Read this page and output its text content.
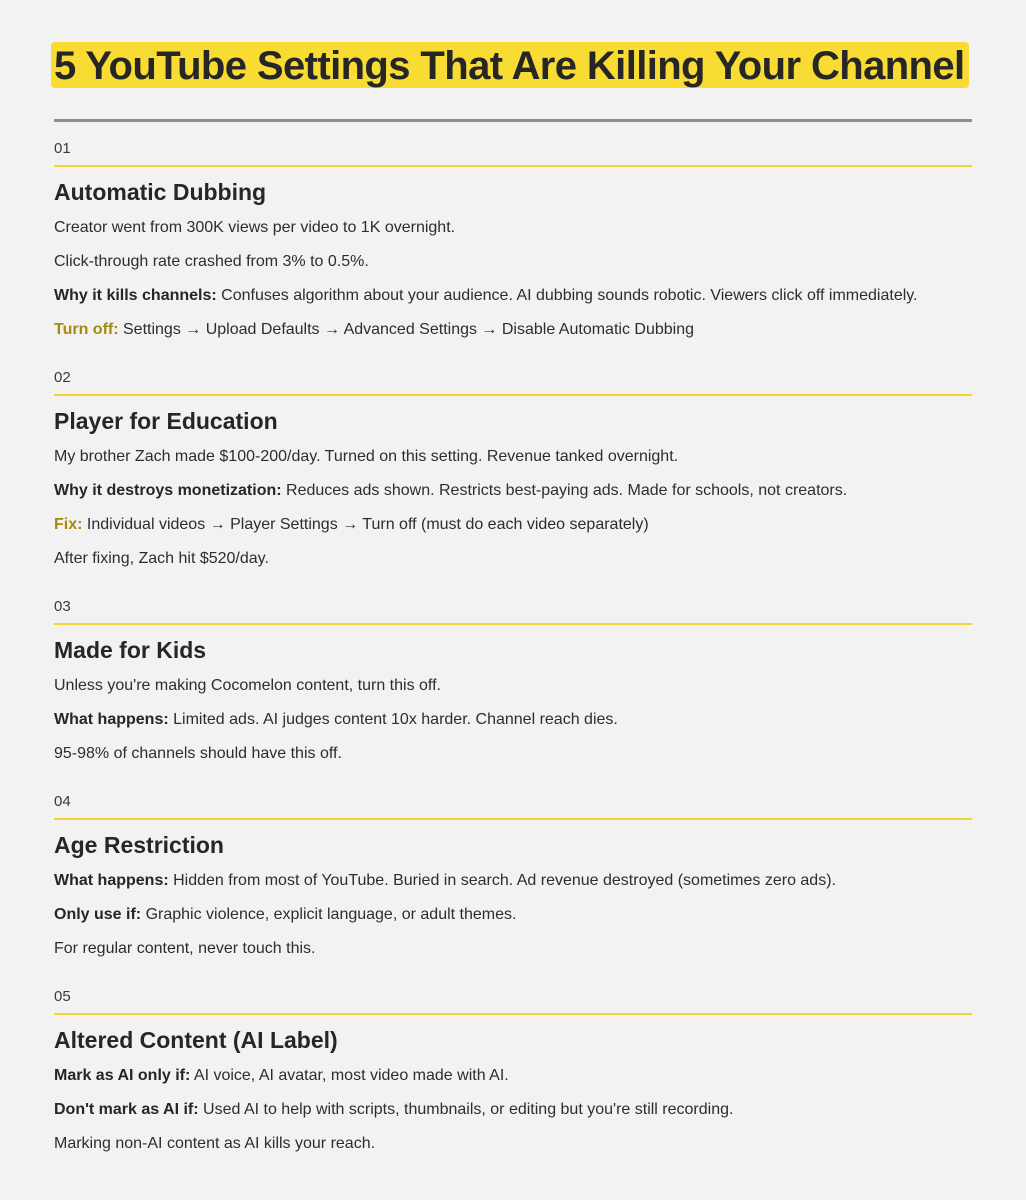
5 YouTube Settings That Are Killing Your Channel
01
Automatic Dubbing

Creator went from 300K views per video to 1K overnight.

Click-through rate crashed from 3% to 0.5%.

Why it kills channels: Confuses algorithm about your audience. AI dubbing sounds robotic. Viewers click off immediately.

Turn off: Settings → Upload Defaults → Advanced Settings → Disable Automatic Dubbing

02
Player for Education

My brother Zach made $100-200/day. Turned on this setting. Revenue tanked overnight.

Why it destroys monetization: Reduces ads shown. Restricts best-paying ads. Made for schools, not creators.

Fix: Individual videos → Player Settings → Turn off (must do each video separately)

After fixing, Zach hit $520/day.

03
Made for Kids

Unless you're making Cocomelon content, turn this off.

What happens: Limited ads. AI judges content 10x harder. Channel reach dies.

95-98% of channels should have this off.

04
Age Restriction

What happens: Hidden from most of YouTube. Buried in search. Ad revenue destroyed (sometimes zero ads).

Only use if: Graphic violence, explicit language, or adult themes.

For regular content, never touch this.

05
Altered Content (AI Label)

Mark as AI only if: AI voice, AI avatar, most video made with AI.

Don't mark as AI if: Used AI to help with scripts, thumbnails, or editing but you're still recording.

Marking non-AI content as AI kills your reach.
